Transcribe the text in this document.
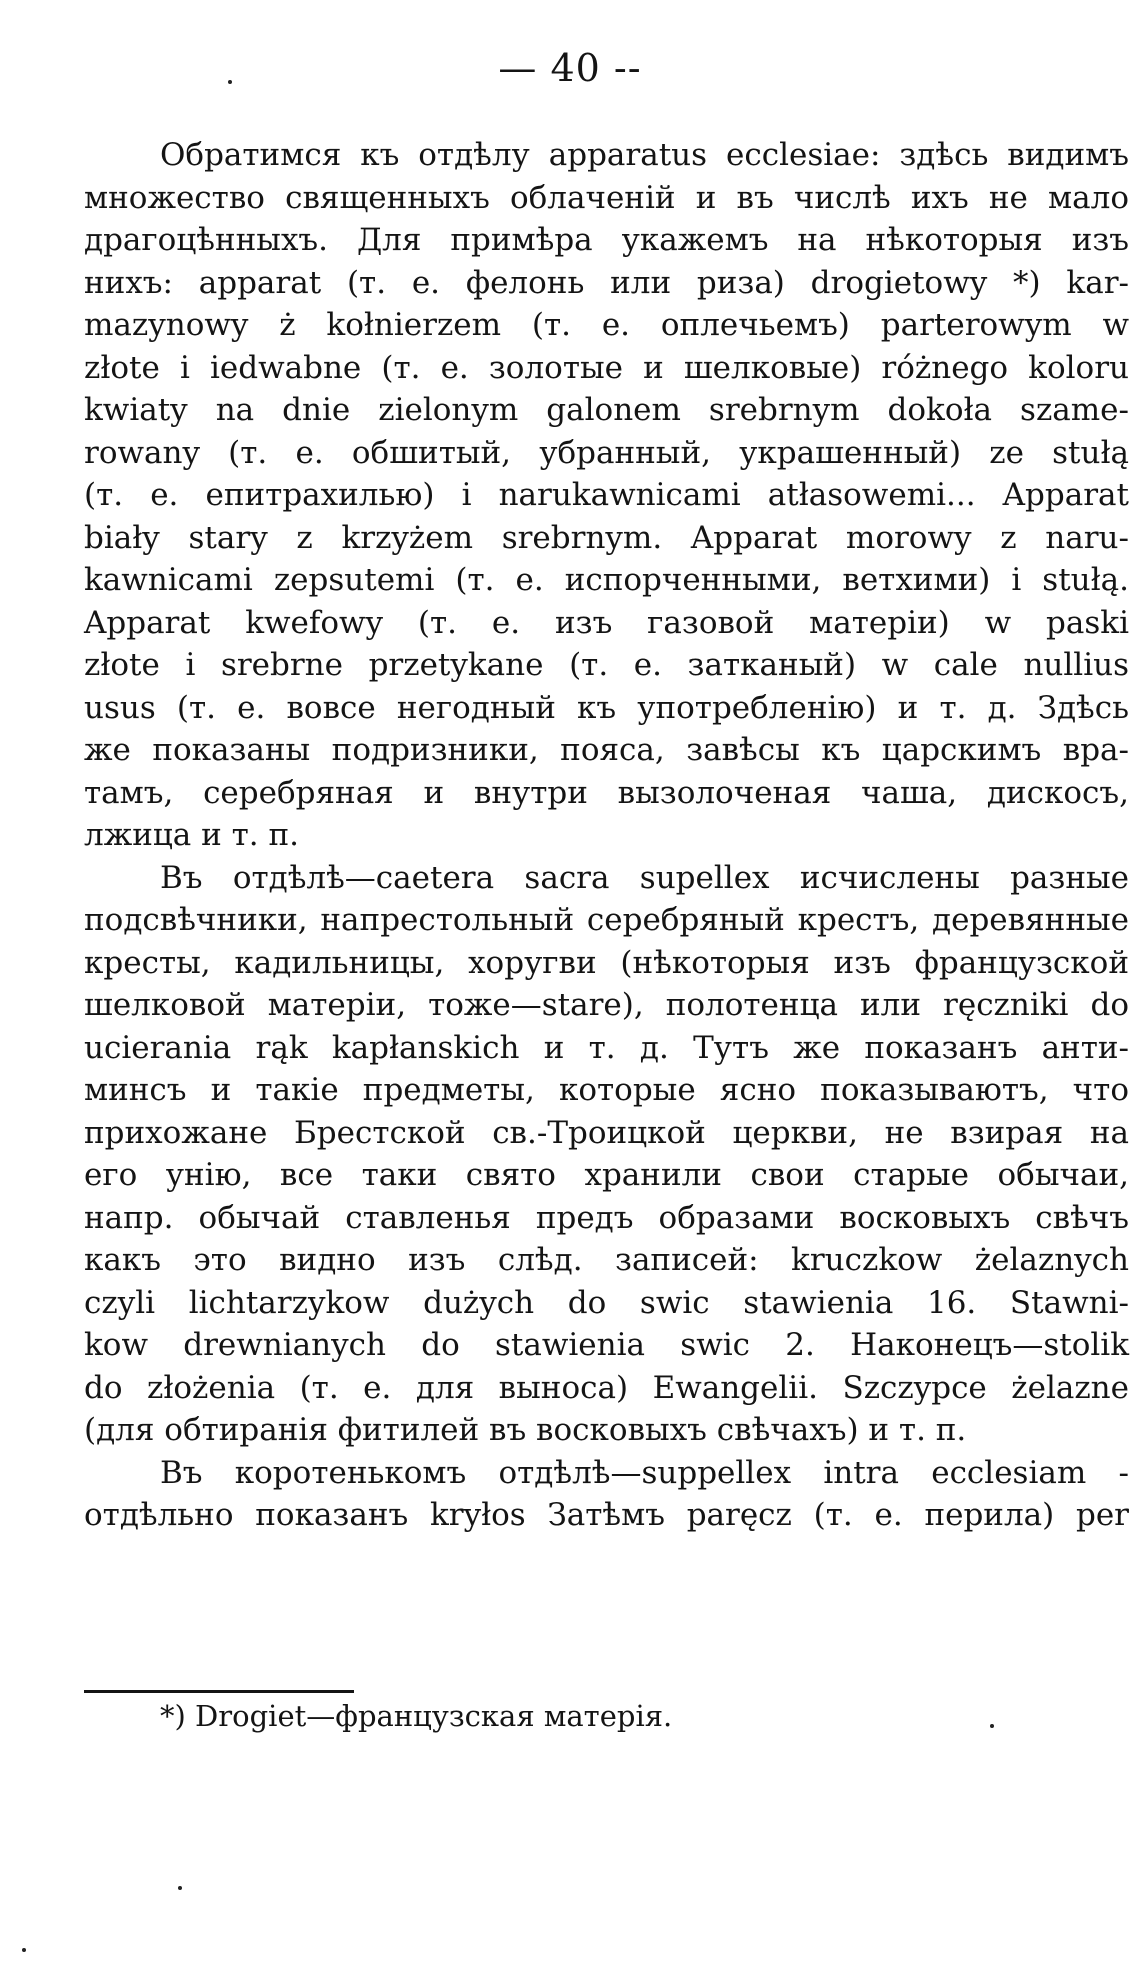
— 40 --
Обратимся къ отдѣлу apparatus ecclesiae: здѣсь видимъ
множество священныхъ облаченій и въ числѣ ихъ не мало
драгоцѣнныхъ. Для примѣра укажемъ на нѣкоторыя изъ
нихъ: apparat (т. е. фелонь или риза) drogietowy *) kar-
mazynowy ż kołnierzem (т. е. оплечьемъ) parterowym w
złote i iedwabne (т. е. золотые и шелковые) różnego koloru
kwiaty na dnie zielonym galonem srebrnym dokoła szame-
rowany (т. е. обшитый, убранный, украшенный) ze stułą
(т. е. епитрахилью) i narukawnicami atłasowemi... Apparat
biały stary z krzyżem srebrnym. Apparat morowy z naru-
kawnicami zepsutemi (т. е. испорченными, ветхими) i stułą.
Apparat kwefowy (т. е. изъ газовой матеріи) w paski
złote i srebrne przetykane (т. е. затканый) w cale nullius
usus (т. е. вовсе негодный къ употребленію) и т. д. Здѣсь
же показаны подризники, пояса, завѣсы къ царскимъ вра-
тамъ, серебряная и внутри вызолоченая чаша, дискосъ,
лжица и т. п.
Въ отдѣлѣ—caetera sacra supellex исчислены разные
подсвѣчники, напрестольный серебряный крестъ, деревянные
кресты, кадильницы, хоругви (нѣкоторыя изъ французской
шелковой матеріи, тоже—stare), полотенца или ręczniki do
ucierania rąk kapłanskich и т. д. Тутъ же показанъ анти-
минсъ и такіе предметы, которые ясно показываютъ, что
прихожане Брестской св.-Троицкой церкви, не взирая на
его унію, все таки свято хранили свои старые обычаи,
напр. обычай ставленья предъ образами восковыхъ свѣчъ
какъ это видно изъ слѣд. записей: kruczkow żelaznych
czyli lichtarzykow dużych do swic stawienia 16. Stawni-
kow drewnianych do stawienia swic 2. Наконецъ—stolik
do złożenia (т. е. для выноса) Ewangelii. Szczypce żelazne
(для обтиранія фитилей въ восковыхъ свѣчахъ) и т. п.
Въ коротенькомъ отдѣлѣ—suppellex intra ecclesiam -
отдѣльно показанъ kryłos Затѣмъ paręcz (т. е. перила) per
*) Drogiet—французская матерія.
